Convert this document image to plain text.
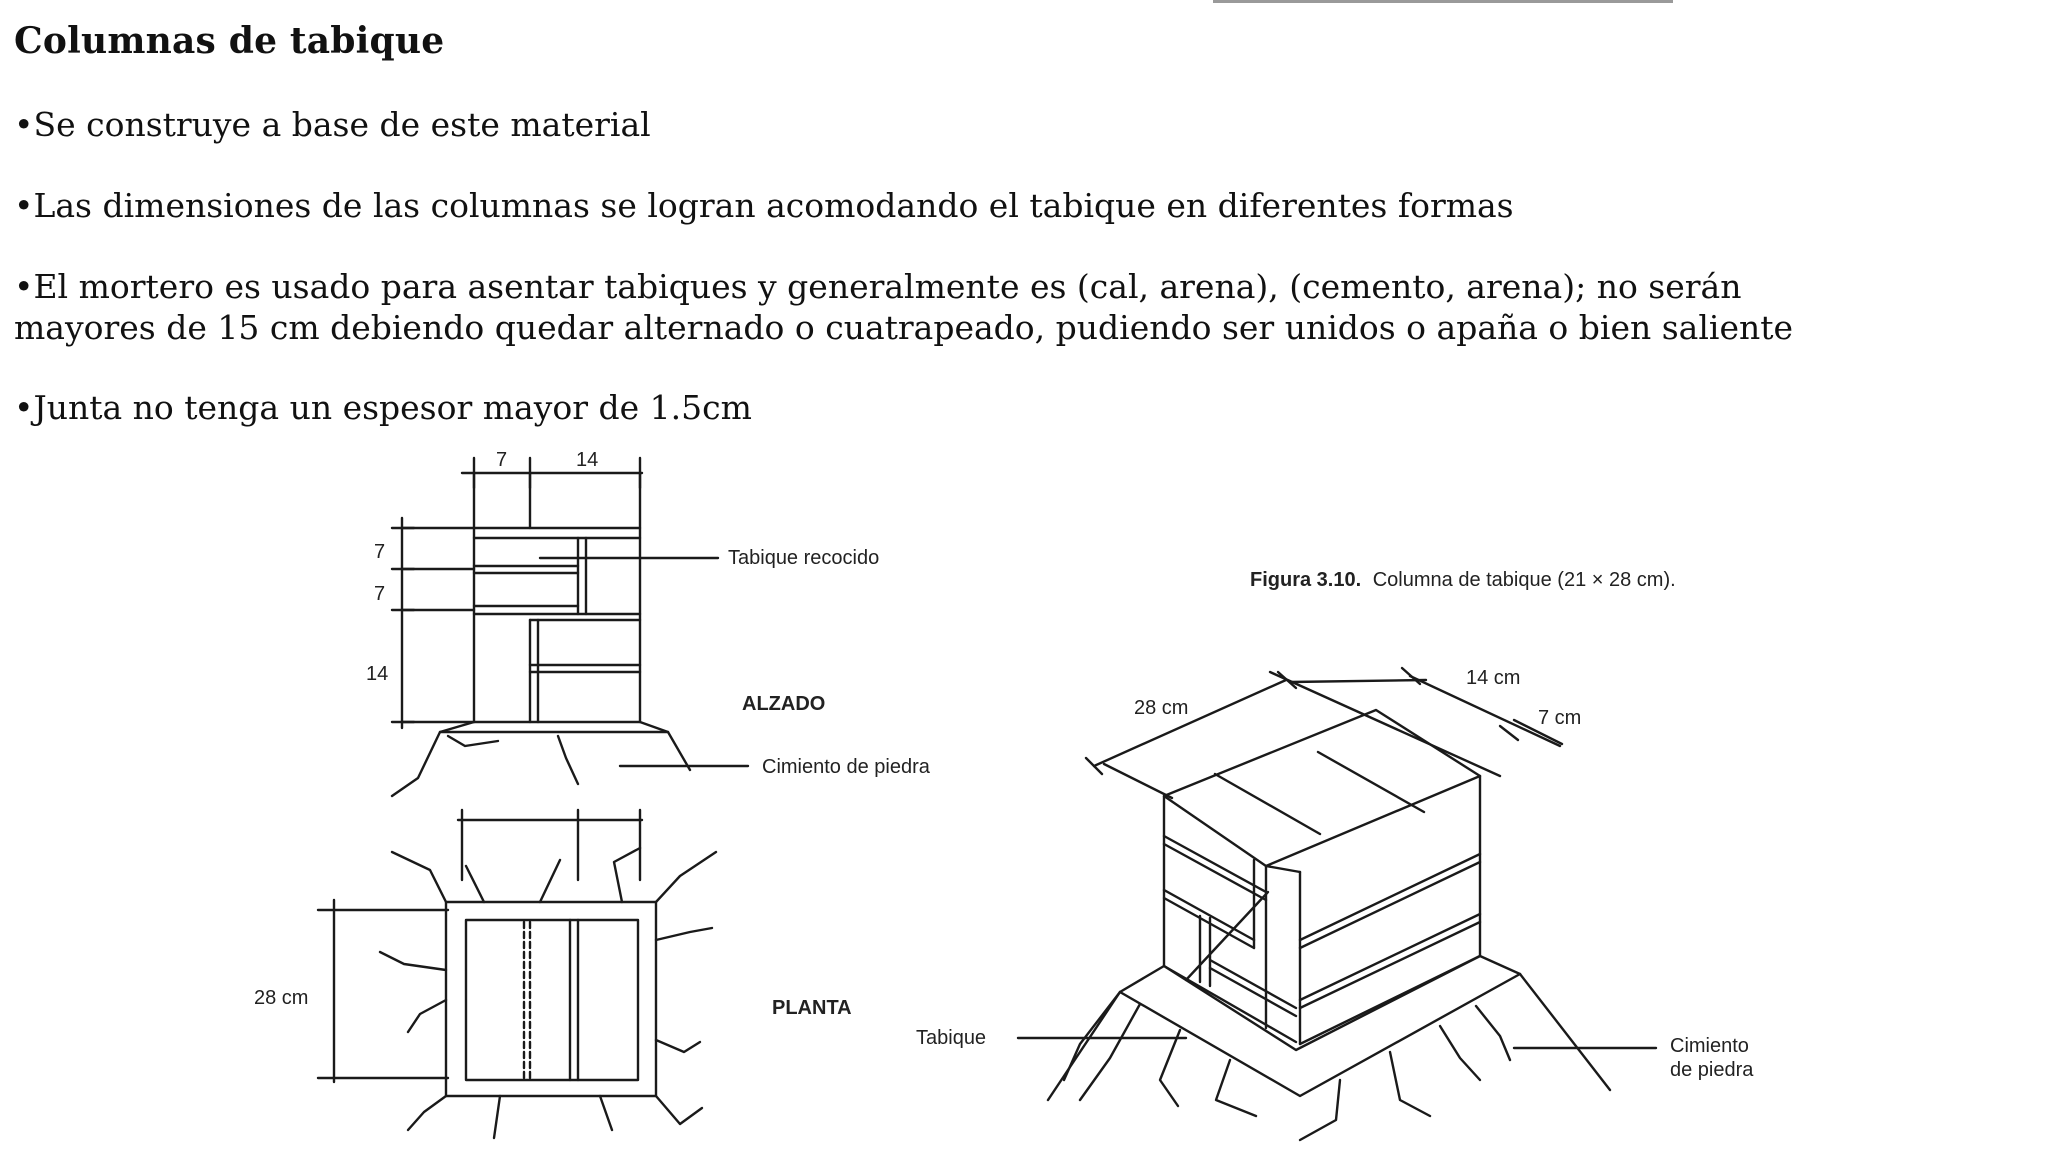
Columnas de tabique

•Se construye a base de este material

•Las dimensiones de las columnas se logran acomodando el tabique en diferentes formas

•El mortero es usado para asentar tabiques y generalmente es (cal, arena), (cemento, arena); no serán
mayores de 15 cm debiendo quedar alternado o cuatrapeado, pudiendo ser unidos o apaña o bien saliente

•Junta no tenga un espesor mayor de 1.5cm

7	14
7
7
14
Tabique recocido
ALZADO
Cimiento de piedra
28 cm	PLANTA
Figura 3.10. Columna de tabique (21 × 28 cm).
28 cm
14 cm
7 cm
Tabique	Cimiento
de piedra
